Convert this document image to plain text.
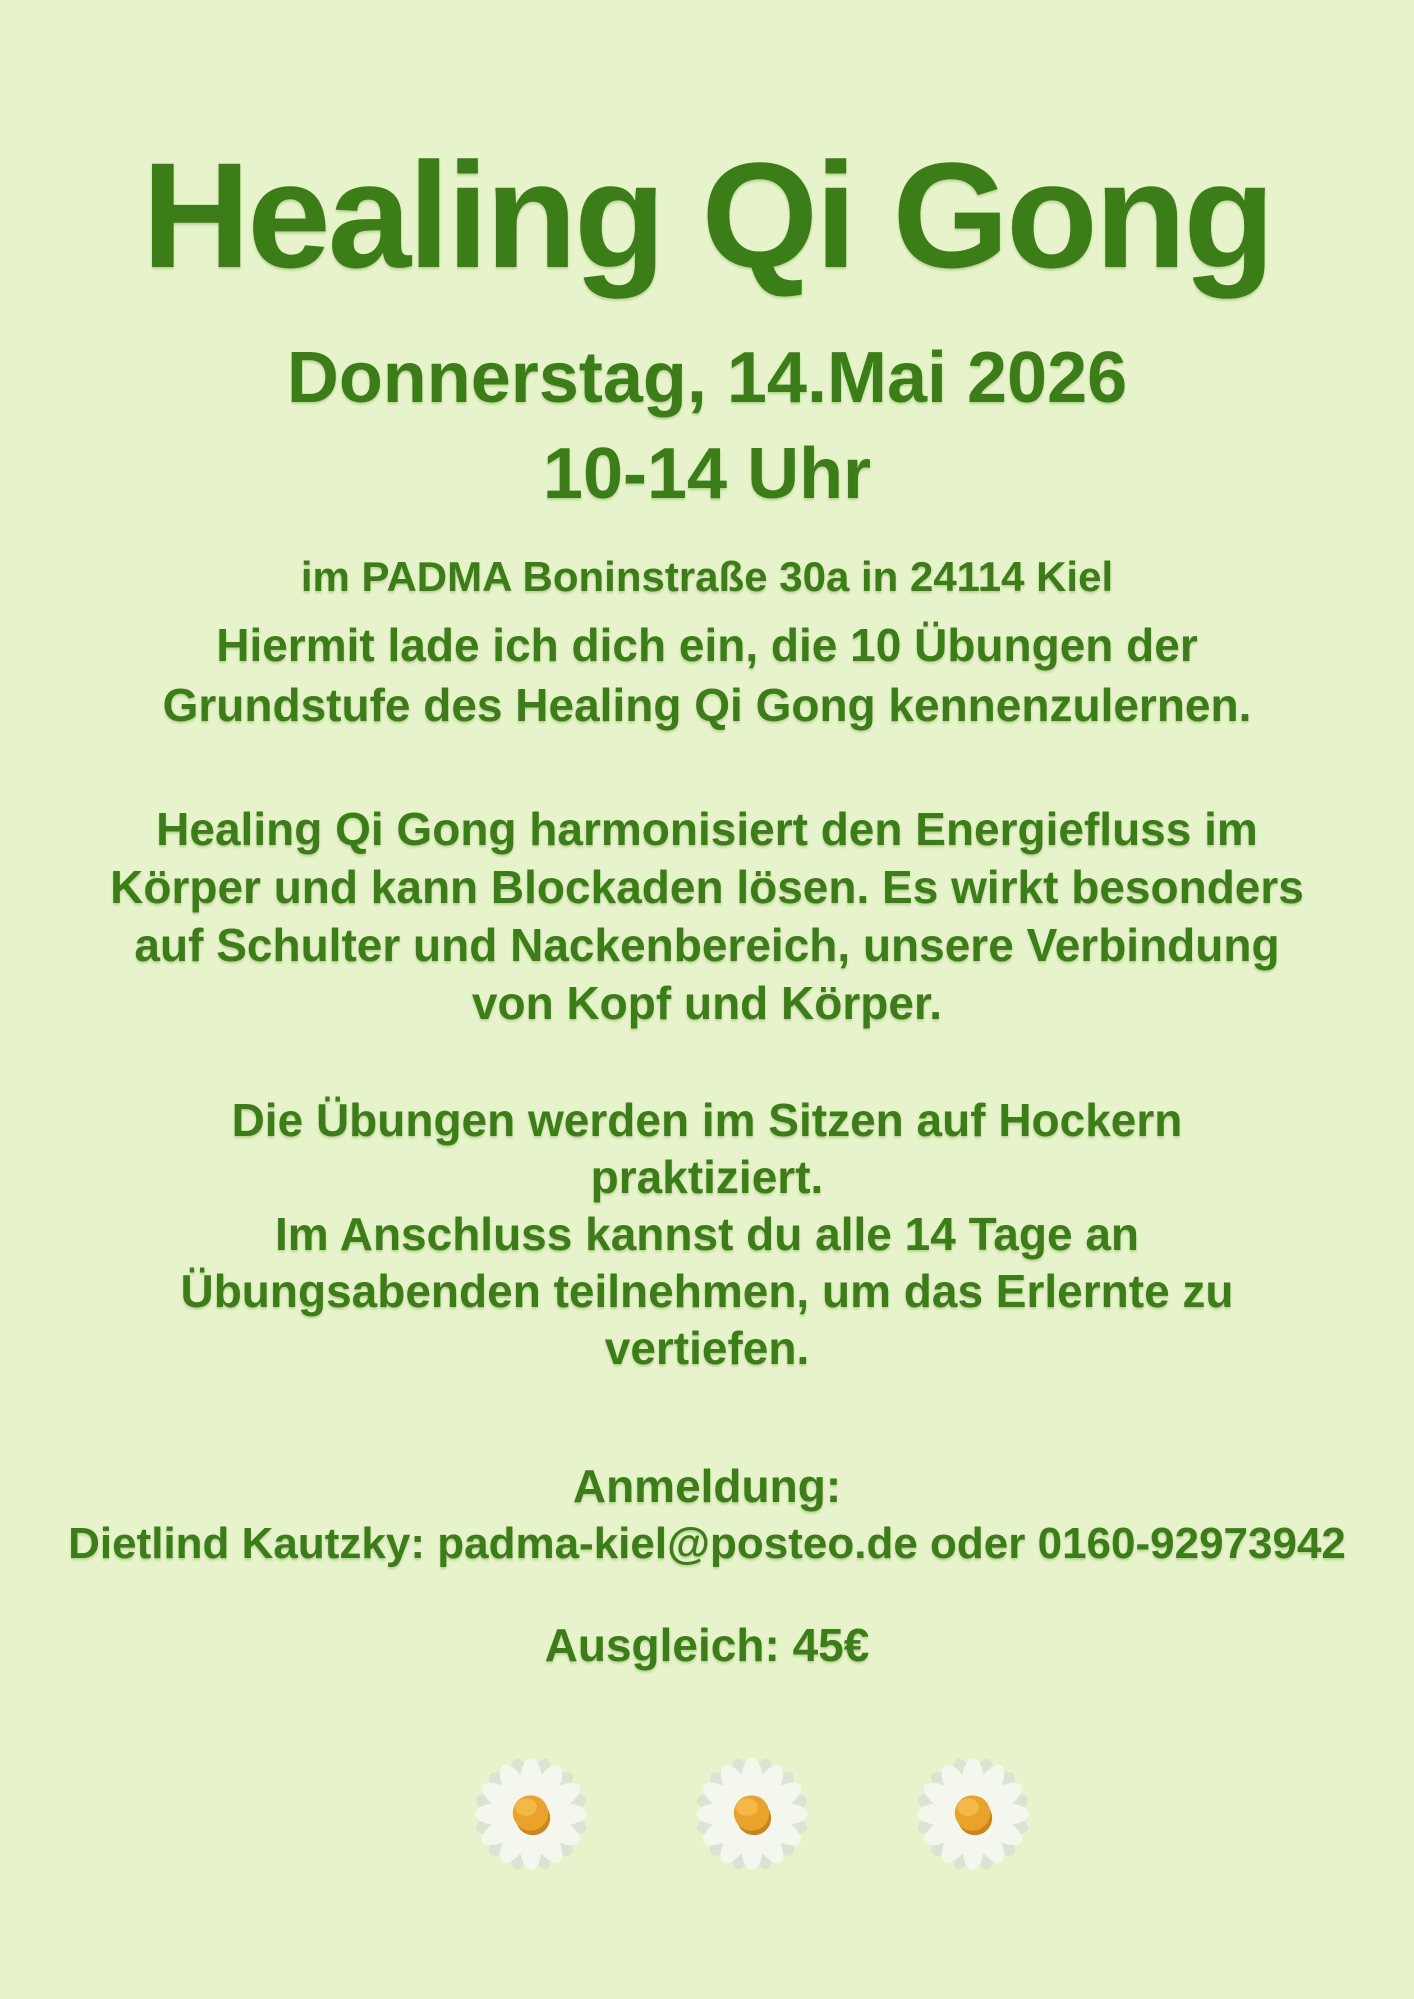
Healing Qi Gong
Donnerstag, 14.Mai 2026
10-14 Uhr
im PADMA Boninstraße 30a in 24114 Kiel
Hiermit lade ich dich ein, die 10 Übungen der
Grundstufe des Healing Qi Gong kennenzulernen.
Healing Qi Gong harmonisiert den Energiefluss im
Körper und kann Blockaden lösen. Es wirkt besonders
auf Schulter und Nackenbereich, unsere Verbindung
von Kopf und Körper.
Die Übungen werden im Sitzen auf Hockern
praktiziert.
Im Anschluss kannst du alle 14 Tage an
Übungsabenden teilnehmen, um das Erlernte zu
vertiefen.
Anmeldung:
Dietlind Kautzky: padma-kiel@posteo.de oder 0160-92973942
Ausgleich: 45€
